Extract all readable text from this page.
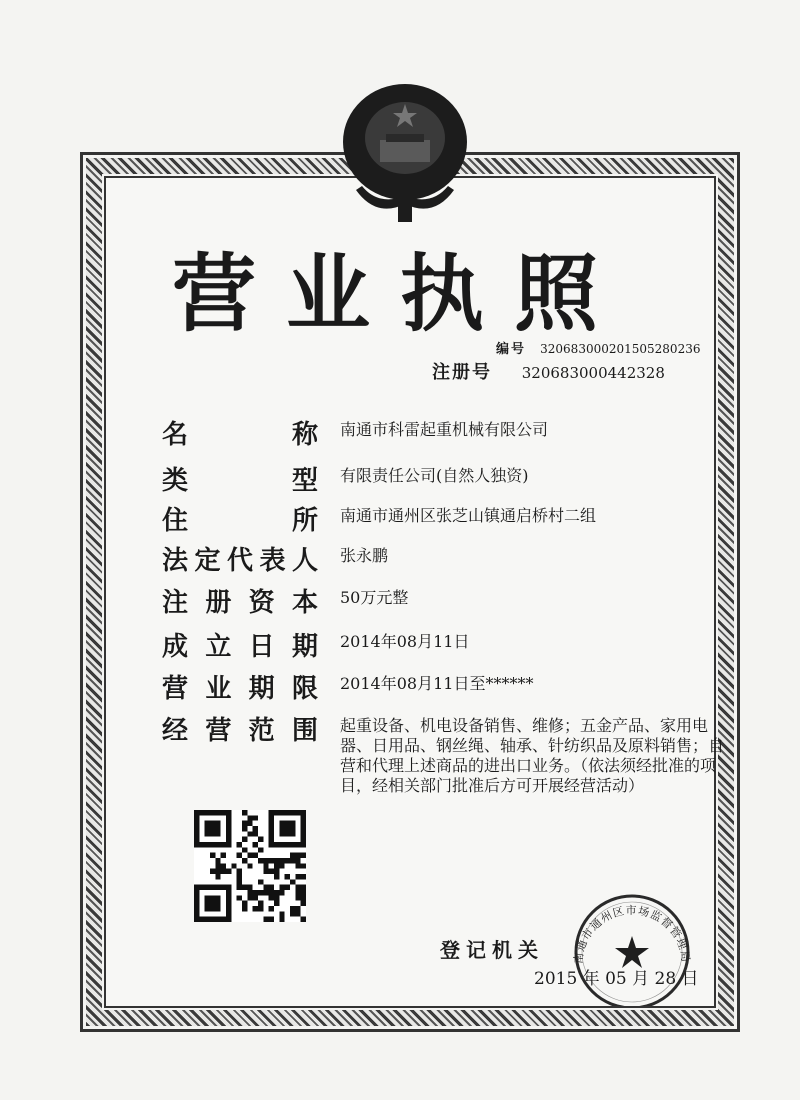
营业执照
编号 320683000201505280236
注册号 320683000442328
名	称 南通市科雷起重机械有限公司
类	型 有限责任公司(自然人独资)
住	所 南通市通州区张芝山镇通启桥村二组
法 定 代 表 人 张永鹏
注 册 资 本 50万元整
成 立 日 期 2014年08月11日
营 业 期 限 2014年08月11日至******
经 营 范 围 起重设备、机电设备销售、维修；五金产品、家用电器、日用品、钢丝绳、轴承、针纺织品及原料销售；自营和代理上述商品的进出口业务。（依法须经批准的项目，经相关部门批准后方可开展经营活动）
登记机关
2015 年 05 月 28 日
南通市通州区市场监督管理局
